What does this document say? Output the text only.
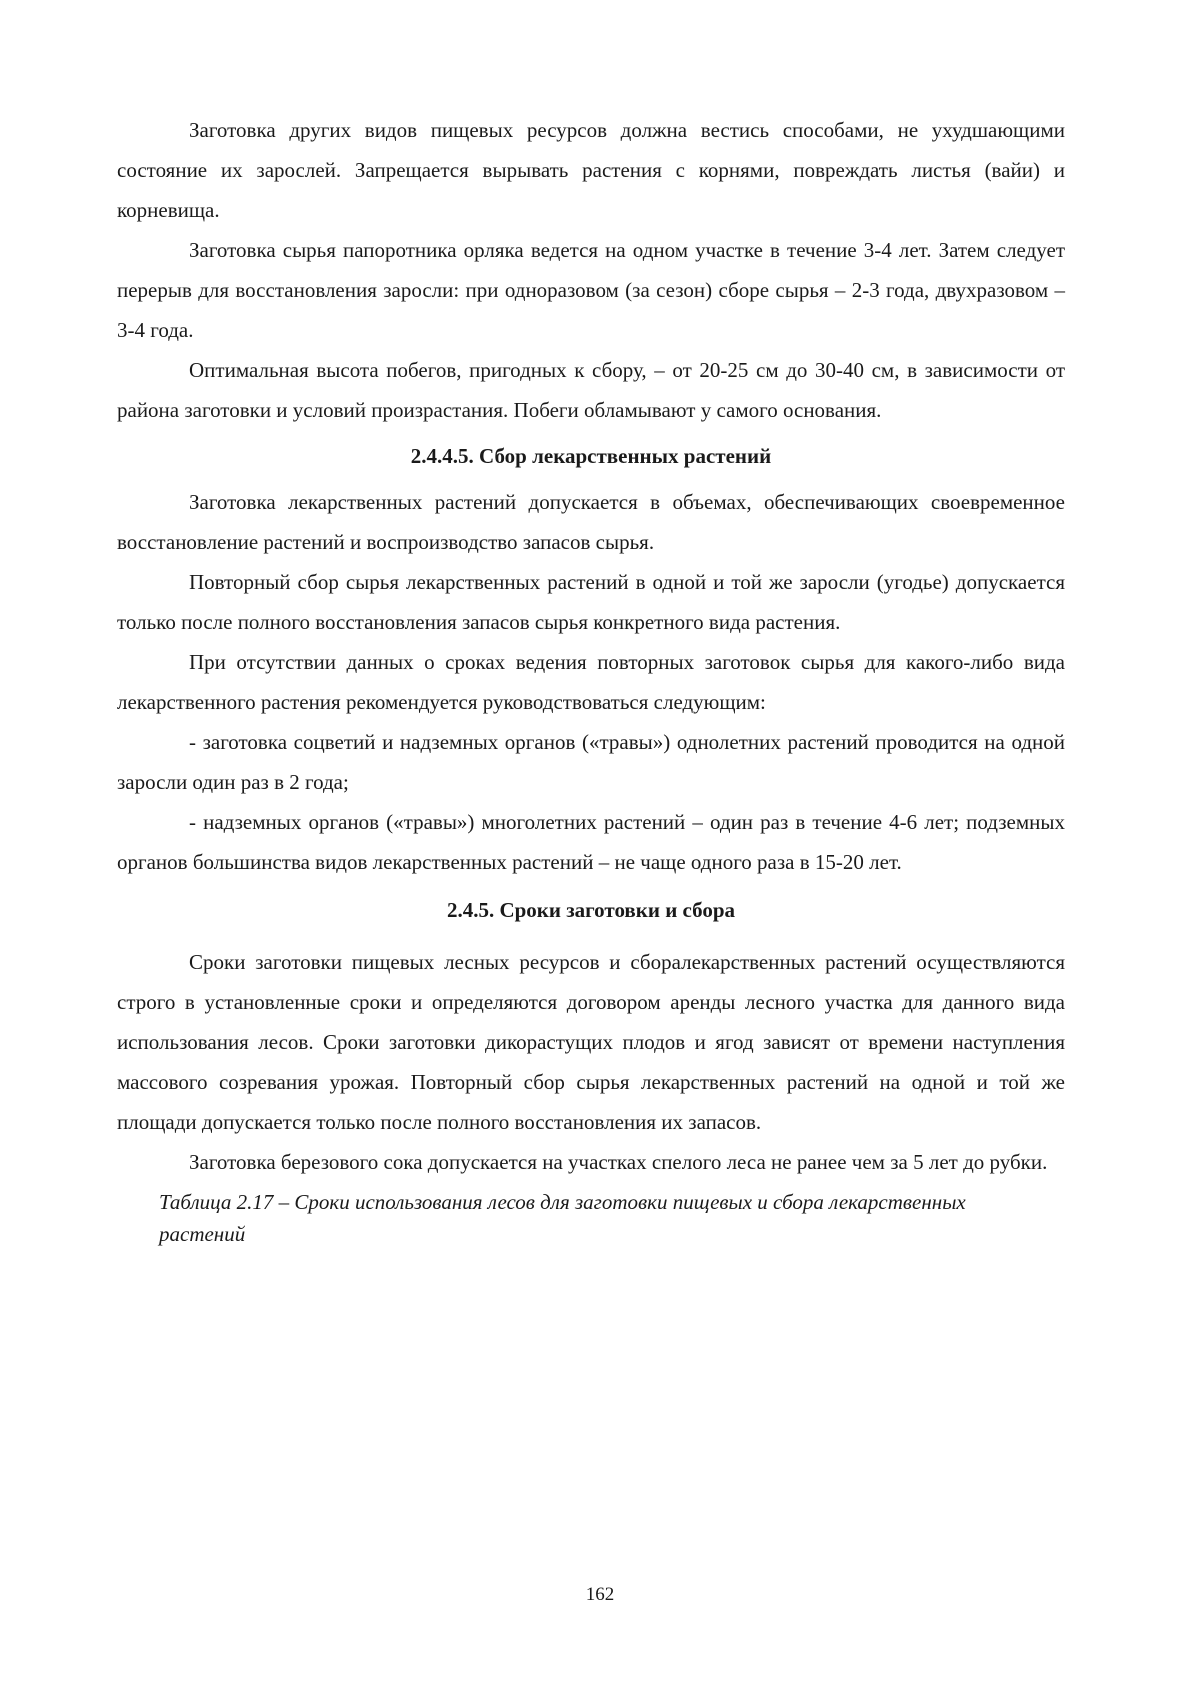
Заготовка других видов пищевых ресурсов должна вестись способами, не ухудшающими состояние их зарослей. Запрещается вырывать растения с корнями, повреждать листья (вайи) и корневища.

Заготовка сырья папоротника орляка ведется на одном участке в течение 3-4 лет. Затем следует перерыв для восстановления заросли: при одноразовом (за сезон) сборе сырья – 2-3 года, двухразовом – 3-4 года.

Оптимальная высота побегов, пригодных к сбору, – от 20-25 см до 30-40 см, в зависимости от района заготовки и условий произрастания. Побеги обламывают у самого основания.

2.4.4.5. Сбор лекарственных растений

Заготовка лекарственных растений допускается в объемах, обеспечивающих своевременное восстановление растений и воспроизводство запасов сырья.

Повторный сбор сырья лекарственных растений в одной и той же заросли (угодье) допускается только после полного восстановления запасов сырья конкретного вида растения.

При отсутствии данных о сроках ведения повторных заготовок сырья для какого-либо вида лекарственного растения рекомендуется руководствоваться следующим:

- заготовка соцветий и надземных органов («травы») однолетних растений проводится на одной заросли один раз в 2 года;

- надземных органов («травы») многолетних растений – один раз в течение 4-6 лет; подземных органов большинства видов лекарственных растений – не чаще одного раза в 15-20 лет.

2.4.5. Сроки заготовки и сбора

Сроки заготовки пищевых лесных ресурсов и сборалекарственных растений осуществляются строго в установленные сроки и определяются договором аренды лесного участка для данного вида использования лесов. Сроки заготовки дикорастущих плодов и ягод зависят от времени наступления массового созревания урожая. Повторный сбор сырья лекарственных растений на одной и той же площади допускается только после полного восстановления их запасов.

Заготовка березового сока допускается на участках спелого леса не ранее чем за 5 лет до рубки.

Таблица 2.17 – Сроки использования лесов для заготовки пищевых и сбора лекарственных растений

162
